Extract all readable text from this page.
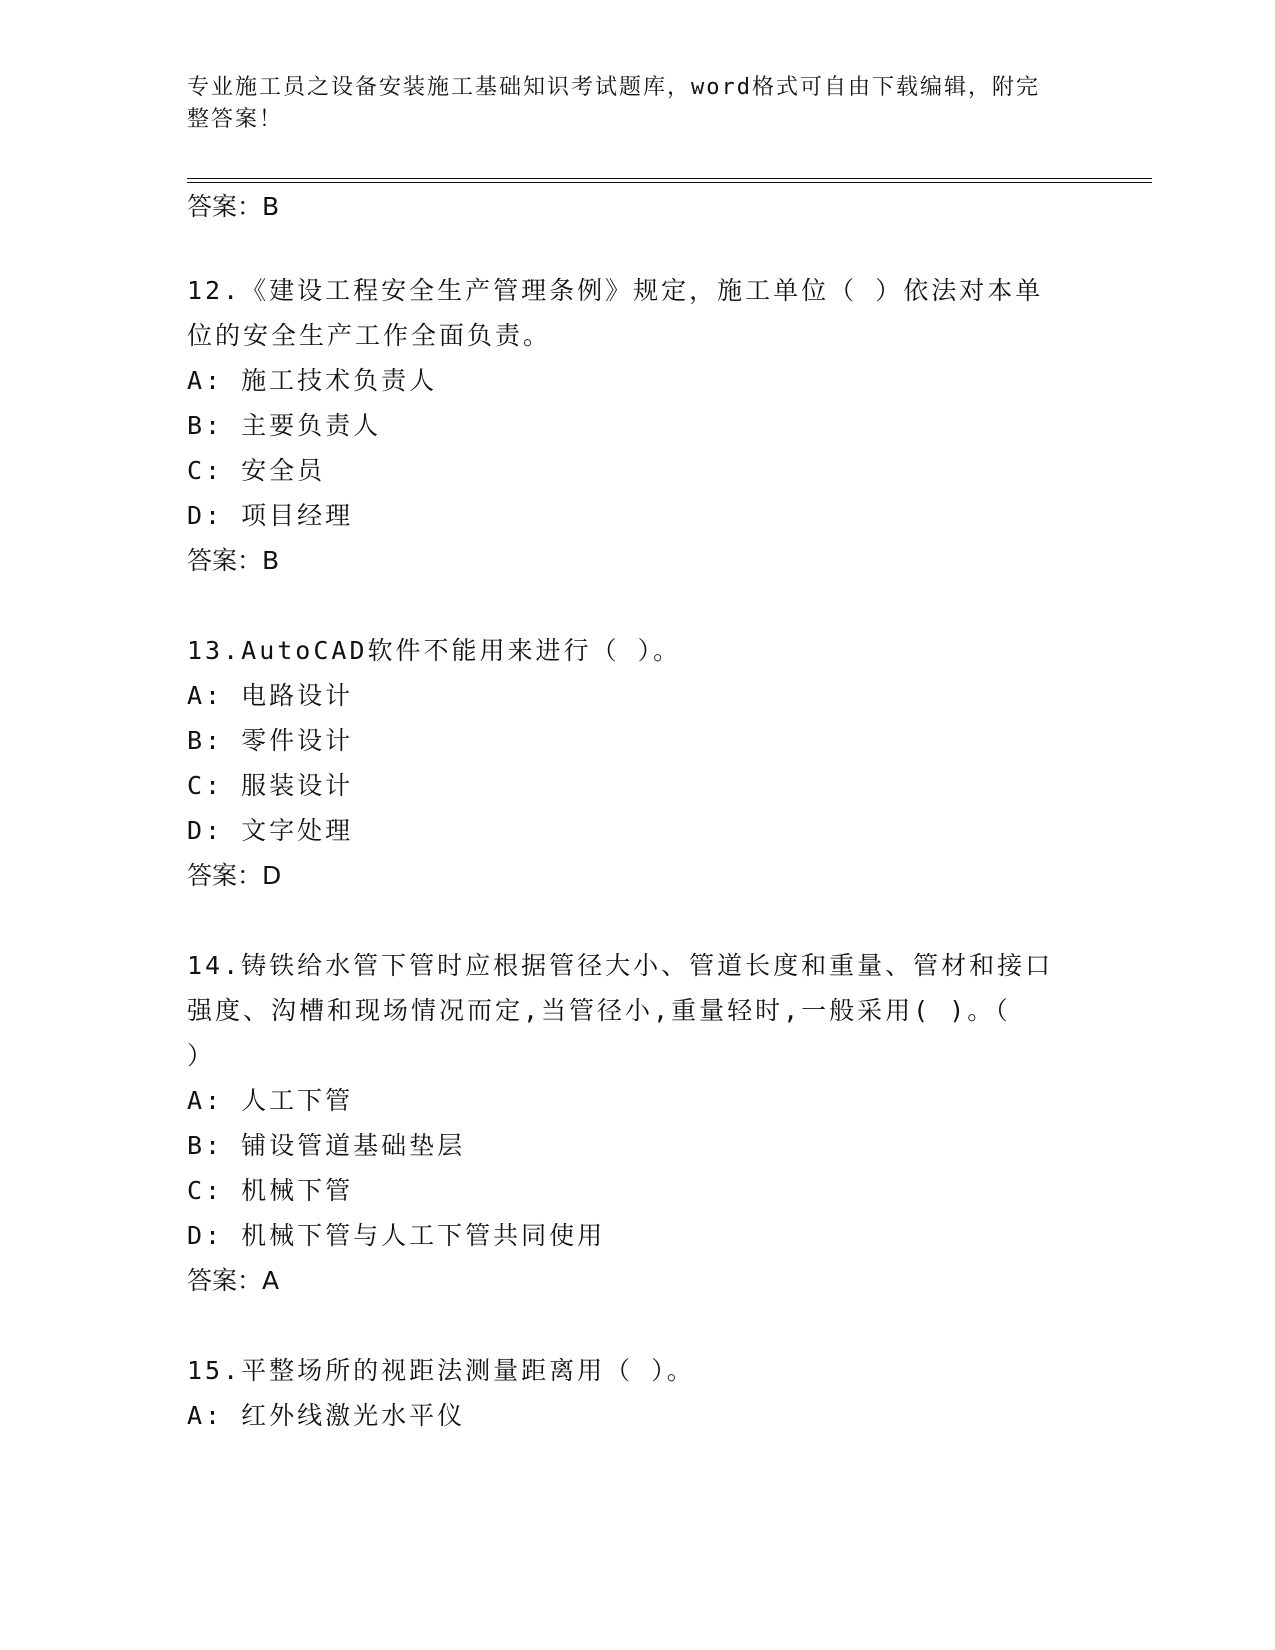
专业施工员之设备安装施工基础知识考试题库，word格式可自由下载编辑，附完
整答案！
答案：B
12.《建设工程安全生产管理条例》规定，施工单位（ ）依法对本单
位的安全生产工作全面负责。
A: 施工技术负责人
B: 主要负责人
C: 安全员
D: 项目经理
答案：B
13.AutoCAD软件不能用来进行（ ）。
A: 电路设计
B: 零件设计
C: 服装设计
D: 文字处理
答案：D
14.铸铁给水管下管时应根据管径大小、管道长度和重量、管材和接口
强度、沟槽和现场情况而定,当管径小,重量轻时,一般采用( )。（
）
A: 人工下管
B: 铺设管道基础垫层
C: 机械下管
D: 机械下管与人工下管共同使用
答案：A
15.平整场所的视距法测量距离用（ ）。
A: 红外线激光水平仪
